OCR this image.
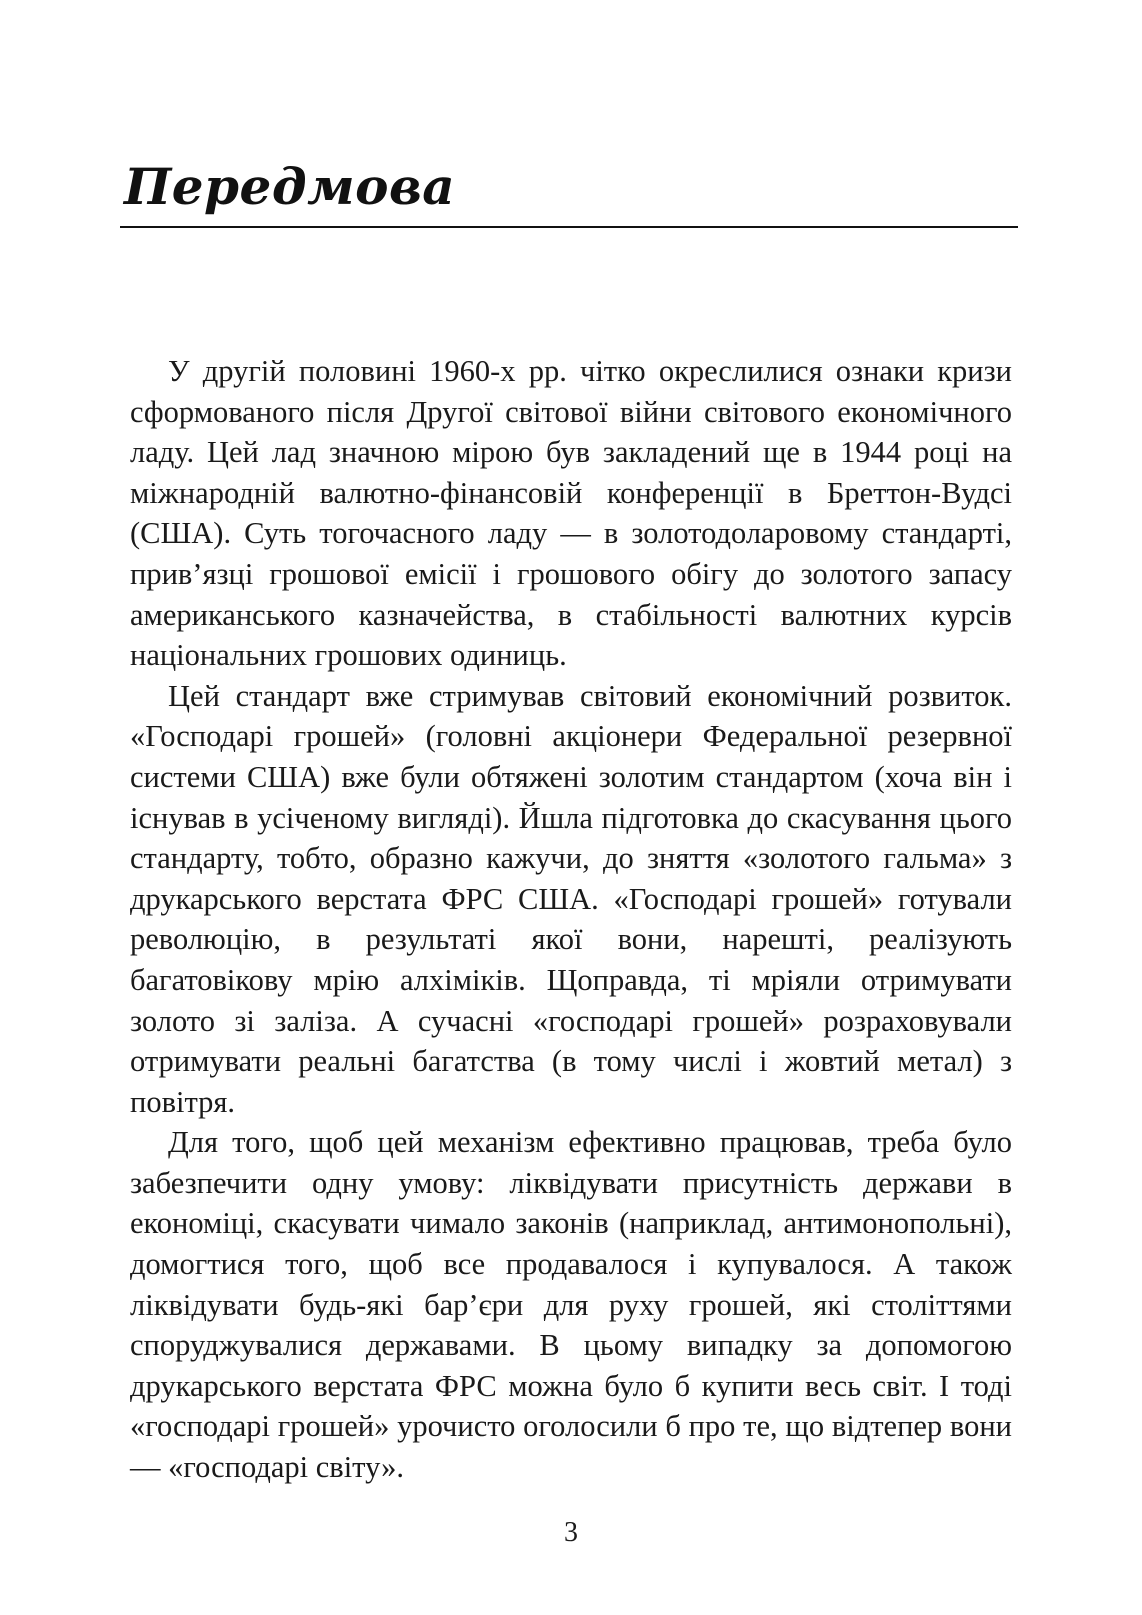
Передмова

У другій половині 1960-х рр. чітко окреслилися ознаки кризи сформованого після Другої світової війни світового економічного ладу. Цей лад значною мірою був закладений ще в 1944 році на міжнародній валютно-фінансовій конференції в Бреттон-Вудсі (США). Суть тогочасного ладу — в золотодоларовому стандарті, прив’язці грошової емісії і грошового обігу до золотого запасу американського казначейства, в стабільності валютних курсів національних грошових одиниць.

Цей стандарт вже стримував світовий економічний розвиток. «Господарі грошей» (головні акціонери Федеральної резервної системи США) вже були обтяжені золотим стандартом (хоча він і існував в усіченому вигляді). Йшла підготовка до скасування цього стандарту, тобто, образно кажучи, до зняття «золотого гальма» з друкарського верстата ФРС США. «Господарі грошей» готували революцію, в результаті якої вони, нарешті, реалізують багатовікову мрію алхіміків. Щоправда, ті мріяли отримувати золото зі заліза. А сучасні «господарі грошей» розраховували отримувати реальні багатства (в тому числі і жовтий метал) з повітря.

Для того, щоб цей механізм ефективно працював, треба було забезпечити одну умову: ліквідувати присутність держави в економіці, скасувати чимало законів (наприклад, антимонопольні), домогтися того, щоб все продавалося і купувалося. А також ліквідувати будь-які бар’єри для руху грошей, які століттями споруджувалися державами. В цьому випадку за допомогою друкарського верстата ФРС можна було б купити весь світ. І тоді «господарі грошей» урочисто оголосили б про те, що відтепер вони — «господарі світу».

3
